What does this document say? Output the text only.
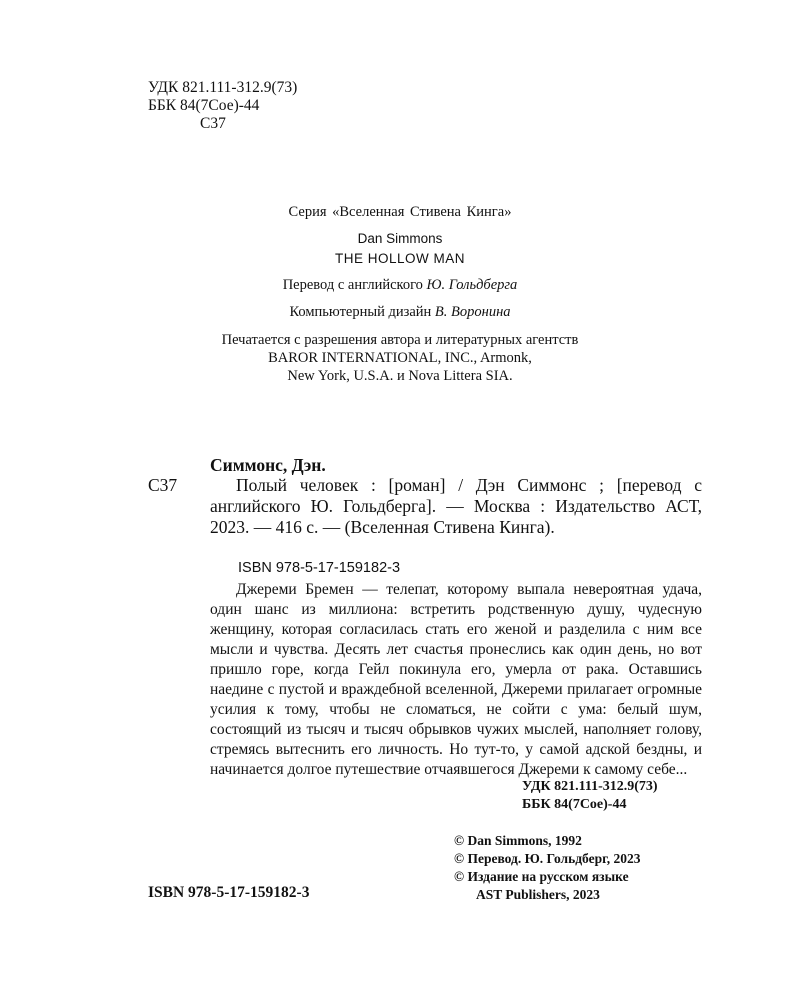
УДК 821.111-312.9(73)
ББК 84(7Сое)-44
С37
Серия «Вселенная Стивена Кинга»
Dan Simmons
THE HOLLOW MAN
Перевод с английского Ю. Гольдберга
Компьютерный дизайн В. Воронина
Печатается с разрешения автора и литературных агентств
BAROR INTERNATIONAL, INC., Armonk,
New York, U.S.A. и Nova Littera SIA.
Симмонс, Дэн.
С37	Полый человек : [роман] / Дэн Симмонс ; [перевод с английского Ю. Гольдберга]. — Москва : Издательство АСТ, 2023. — 416 с. — (Вселенная Стивена Кинга).
ISBN 978-5-17-159182-3
Джереми Бремен — телепат, которому выпала невероятная удача, один шанс из миллиона: встретить родственную душу, чудесную женщину, которая согласилась стать его женой и разделила с ним все мысли и чувства. Десять лет счастья пронеслись как один день, но вот пришло горе, когда Гейл покинула его, умерла от рака. Оставшись наедине с пустой и враждебной вселенной, Джереми прилагает огромные усилия к тому, чтобы не сломаться, не сойти с ума: белый шум, состоящий из тысяч и тысяч обрывков чужих мыслей, наполняет голову, стремясь вытеснить его личность. Но тут-то, у самой адской бездны, и начинается долгое путешествие отчаявшегося Джереми к самому себе...
УДК 821.111-312.9(73)
ББК 84(7Сое)-44
© Dan Simmons, 1992
© Перевод. Ю. Гольдберг, 2023
© Издание на русском языке
AST Publishers, 2023
ISBN 978-5-17-159182-3
